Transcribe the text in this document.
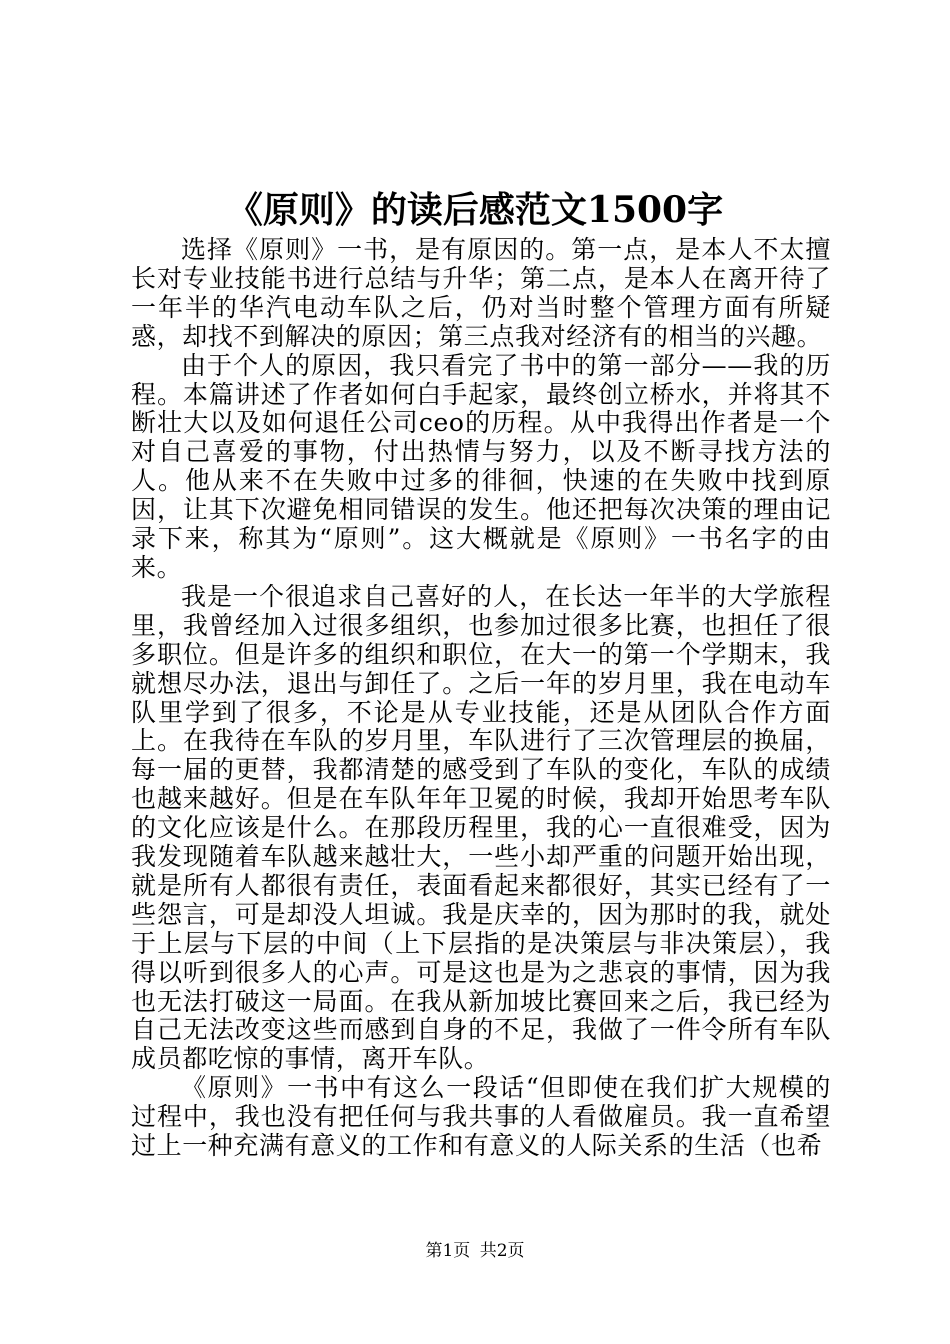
《原则》的读后感范文1500字

选择《原则》一书，是有原因的。第一点，是本人不太擅长对专业技能书进行总结与升华；第二点，是本人在离开待了一年半的华汽电动车队之后，仍对当时整个管理方面有所疑惑，却找不到解决的原因；第三点我对经济有的相当的兴趣。

由于个人的原因，我只看完了书中的第一部分——我的历程。本篇讲述了作者如何白手起家，最终创立桥水，并将其不断壮大以及如何退任公司ceo的历程。从中我得出作者是一个对自己喜爱的事物，付出热情与努力，以及不断寻找方法的人。他从来不在失败中过多的徘徊，快速的在失败中找到原因，让其下次避免相同错误的发生。他还把每次决策的理由记录下来，称其为“原则”。这大概就是《原则》一书名字的由来。

我是一个很追求自己喜好的人，在长达一年半的大学旅程里，我曾经加入过很多组织，也参加过很多比赛，也担任了很多职位。但是许多的组织和职位，在大一的第一个学期末，我就想尽办法，退出与卸任了。之后一年的岁月里，我在电动车队里学到了很多，不论是从专业技能，还是从团队合作方面上。在我待在车队的岁月里，车队进行了三次管理层的换届，每一届的更替，我都清楚的感受到了车队的变化，车队的成绩也越来越好。但是在车队年年卫冕的时候，我却开始思考车队的文化应该是什么。在那段历程里，我的心一直很难受，因为我发现随着车队越来越壮大，一些小却严重的问题开始出现，就是所有人都很有责任，表面看起来都很好，其实已经有了一些怨言，可是却没人坦诚。我是庆幸的，因为那时的我，就处于上层与下层的中间（上下层指的是决策层与非决策层），我得以听到很多人的心声。可是这也是为之悲哀的事情，因为我也无法打破这一局面。在我从新加坡比赛回来之后，我已经为自己无法改变这些而感到自身的不足，我做了一件令所有车队成员都吃惊的事情，离开车队。

《原则》一书中有这么一段话“但即使在我们扩大规模的过程中，我也没有把任何与我共事的人看做雇员。我一直希望过上一种充满有意义的工作和有意义的人际关系的生活（也希

第1页 共2页
